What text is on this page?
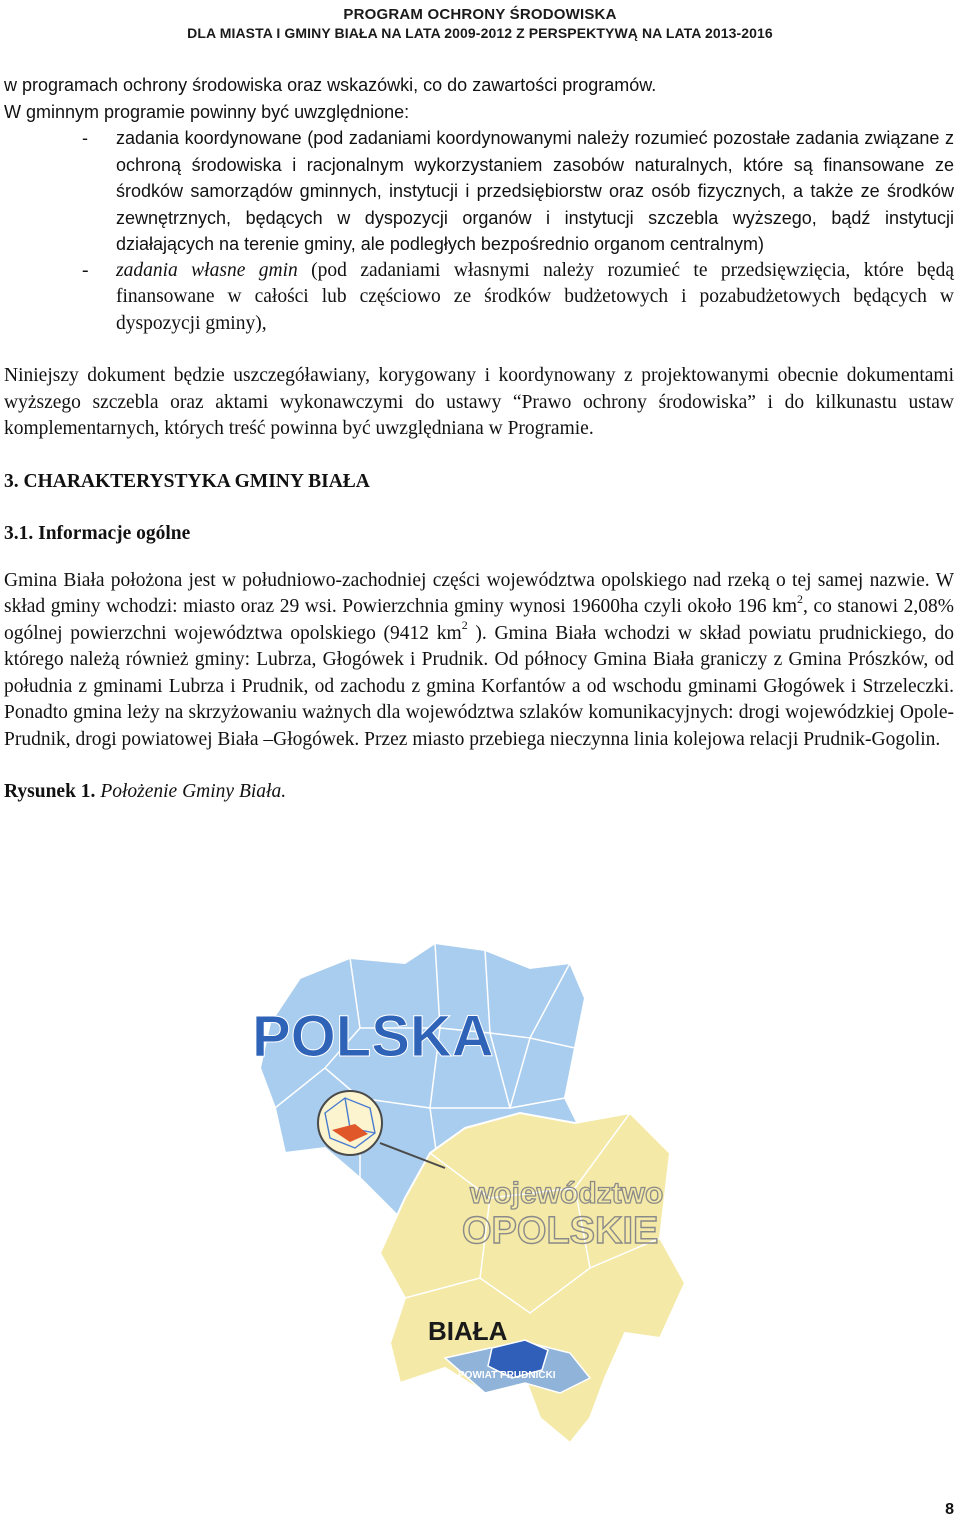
PROGRAM OCHRONY ŚRODOWISKA
DLA MIASTA I GMINY BIAŁA NA LATA 2009-2012 Z PERSPEKTYWĄ NA LATA 2013-2016

w programach ochrony środowiska oraz wskazówki, co do zawartości programów.

W gminnym programie powinny być uwzględnione:

- zadania koordynowane (pod zadaniami koordynowanymi należy rozumieć pozostałe zadania związane z ochroną środowiska i racjonalnym wykorzystaniem zasobów naturalnych, które są finansowane ze środków samorządów gminnych, instytucji i przedsiębiorstw oraz osób fizycznych, a także ze środków zewnętrznych, będących w dyspozycji organów i instytucji szczebla wyższego, bądź instytucji działających na terenie gminy, ale podległych bezpośrednio organom centralnym)
- zadania własne gmin (pod zadaniami własnymi należy rozumieć te przedsięwzięcia, które będą finansowane w całości lub częściowo ze środków budżetowych i pozabudżetowych będących w dyspozycji gminy),

Niniejszy dokument będzie uszczegóławiany, korygowany i koordynowany z projektowanymi obecnie dokumentami wyższego szczebla oraz aktami wykonawczymi do ustawy “Prawo ochrony środowiska” i do kilkunastu ustaw komplementarnych, których treść powinna być uwzględniana w Programie.

3. CHARAKTERYSTYKA GMINY BIAŁA

3.1. Informacje ogólne

Gmina Biała położona jest w południowo-zachodniej części województwa opolskiego nad rzeką o tej samej nazwie. W skład gminy wchodzi: miasto oraz 29 wsi. Powierzchnia gminy wynosi 19600ha czyli około 196 $km^2$, co stanowi 2,08% ogólnej powierzchni województwa opolskiego (9412 $km^2$ ). Gmina Biała wchodzi w skład powiatu prudnickiego, do którego należą również gminy: Lubrza, Głogówek i Prudnik. Od północy Gmina Biała graniczy z Gmina Prószków, od południa z gminami Lubrza i Prudnik, od zachodu z gmina Korfantów a od wschodu gminami Głogówek i Strzeleczki. Ponadto gmina leży na skrzyżowaniu ważnych dla województwa szlaków komunikacyjnych: drogi wojewódzkiej Opole-Prudnik, drogi powiatowej Biała –Głogówek. Przez miasto przebiega nieczynna linia kolejowa relacji Prudnik-Gogolin.

Rysunek 1. Położenie Gminy Biała.

POLSKA
województwo
OPOLSKIE
BIAŁA
POWIAT PRUDNICKI
8
